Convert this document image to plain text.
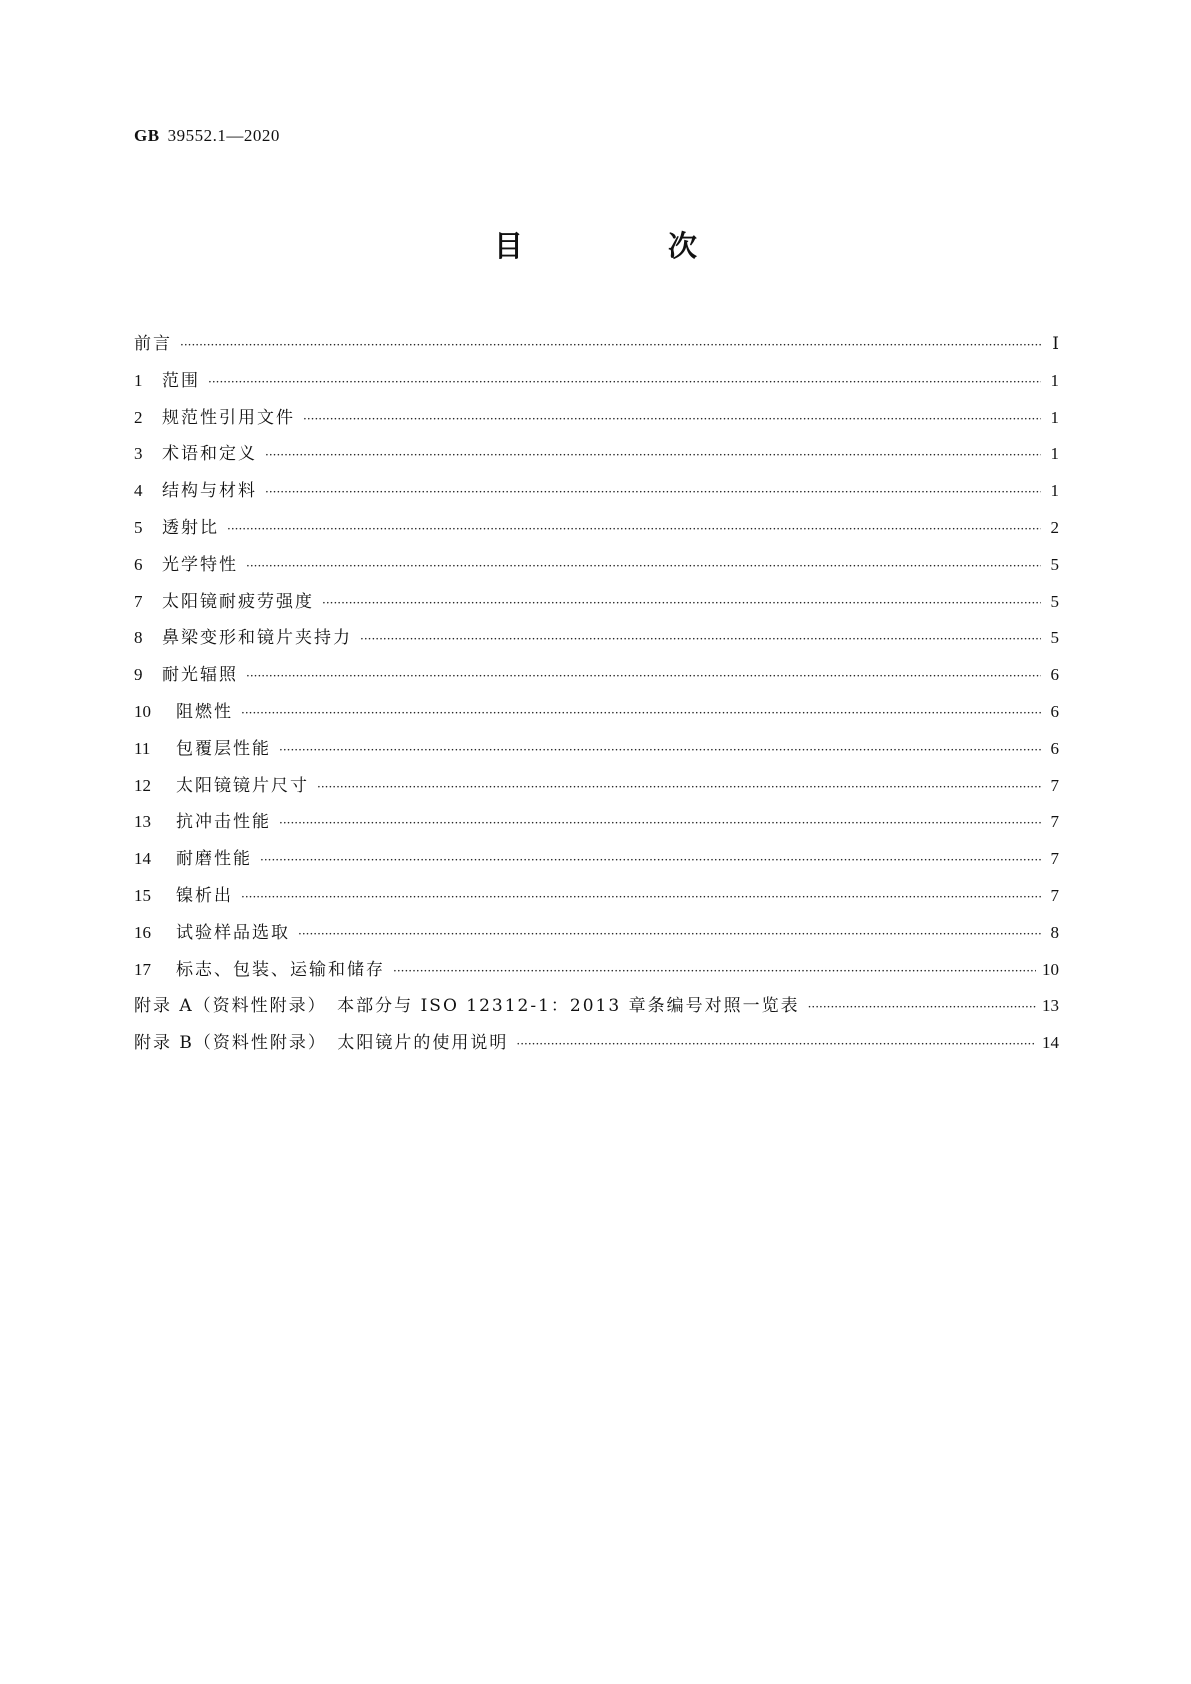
GB 39552.1—2020
目　次
前言 ·····	Ⅰ
1	范围 ·····	1
2	规范性引用文件 ·····	1
3	术语和定义 ·····	1
4	结构与材料 ·····	1
5	透射比 ·····	2
6	光学特性 ·····	5
7	太阳镜耐疲劳强度 ·····	5
8	鼻梁变形和镜片夹持力 ·····	5
9	耐光辐照 ·····	6
10	阻燃性 ·····	6
11	包覆层性能 ·····	6
12	太阳镜镜片尺寸 ·····	7
13	抗冲击性能 ·····	7
14	耐磨性能 ·····	7
15	镍析出 ·····	7
16	试验样品选取 ·····	8
17	标志、包装、运输和储存 ·····	10
附录 A（资料性附录）　本部分与 ISO 12312-1：2013 章条编号对照一览表 ·····	13
附录 B（资料性附录）　太阳镜片的使用说明 ·····	14
